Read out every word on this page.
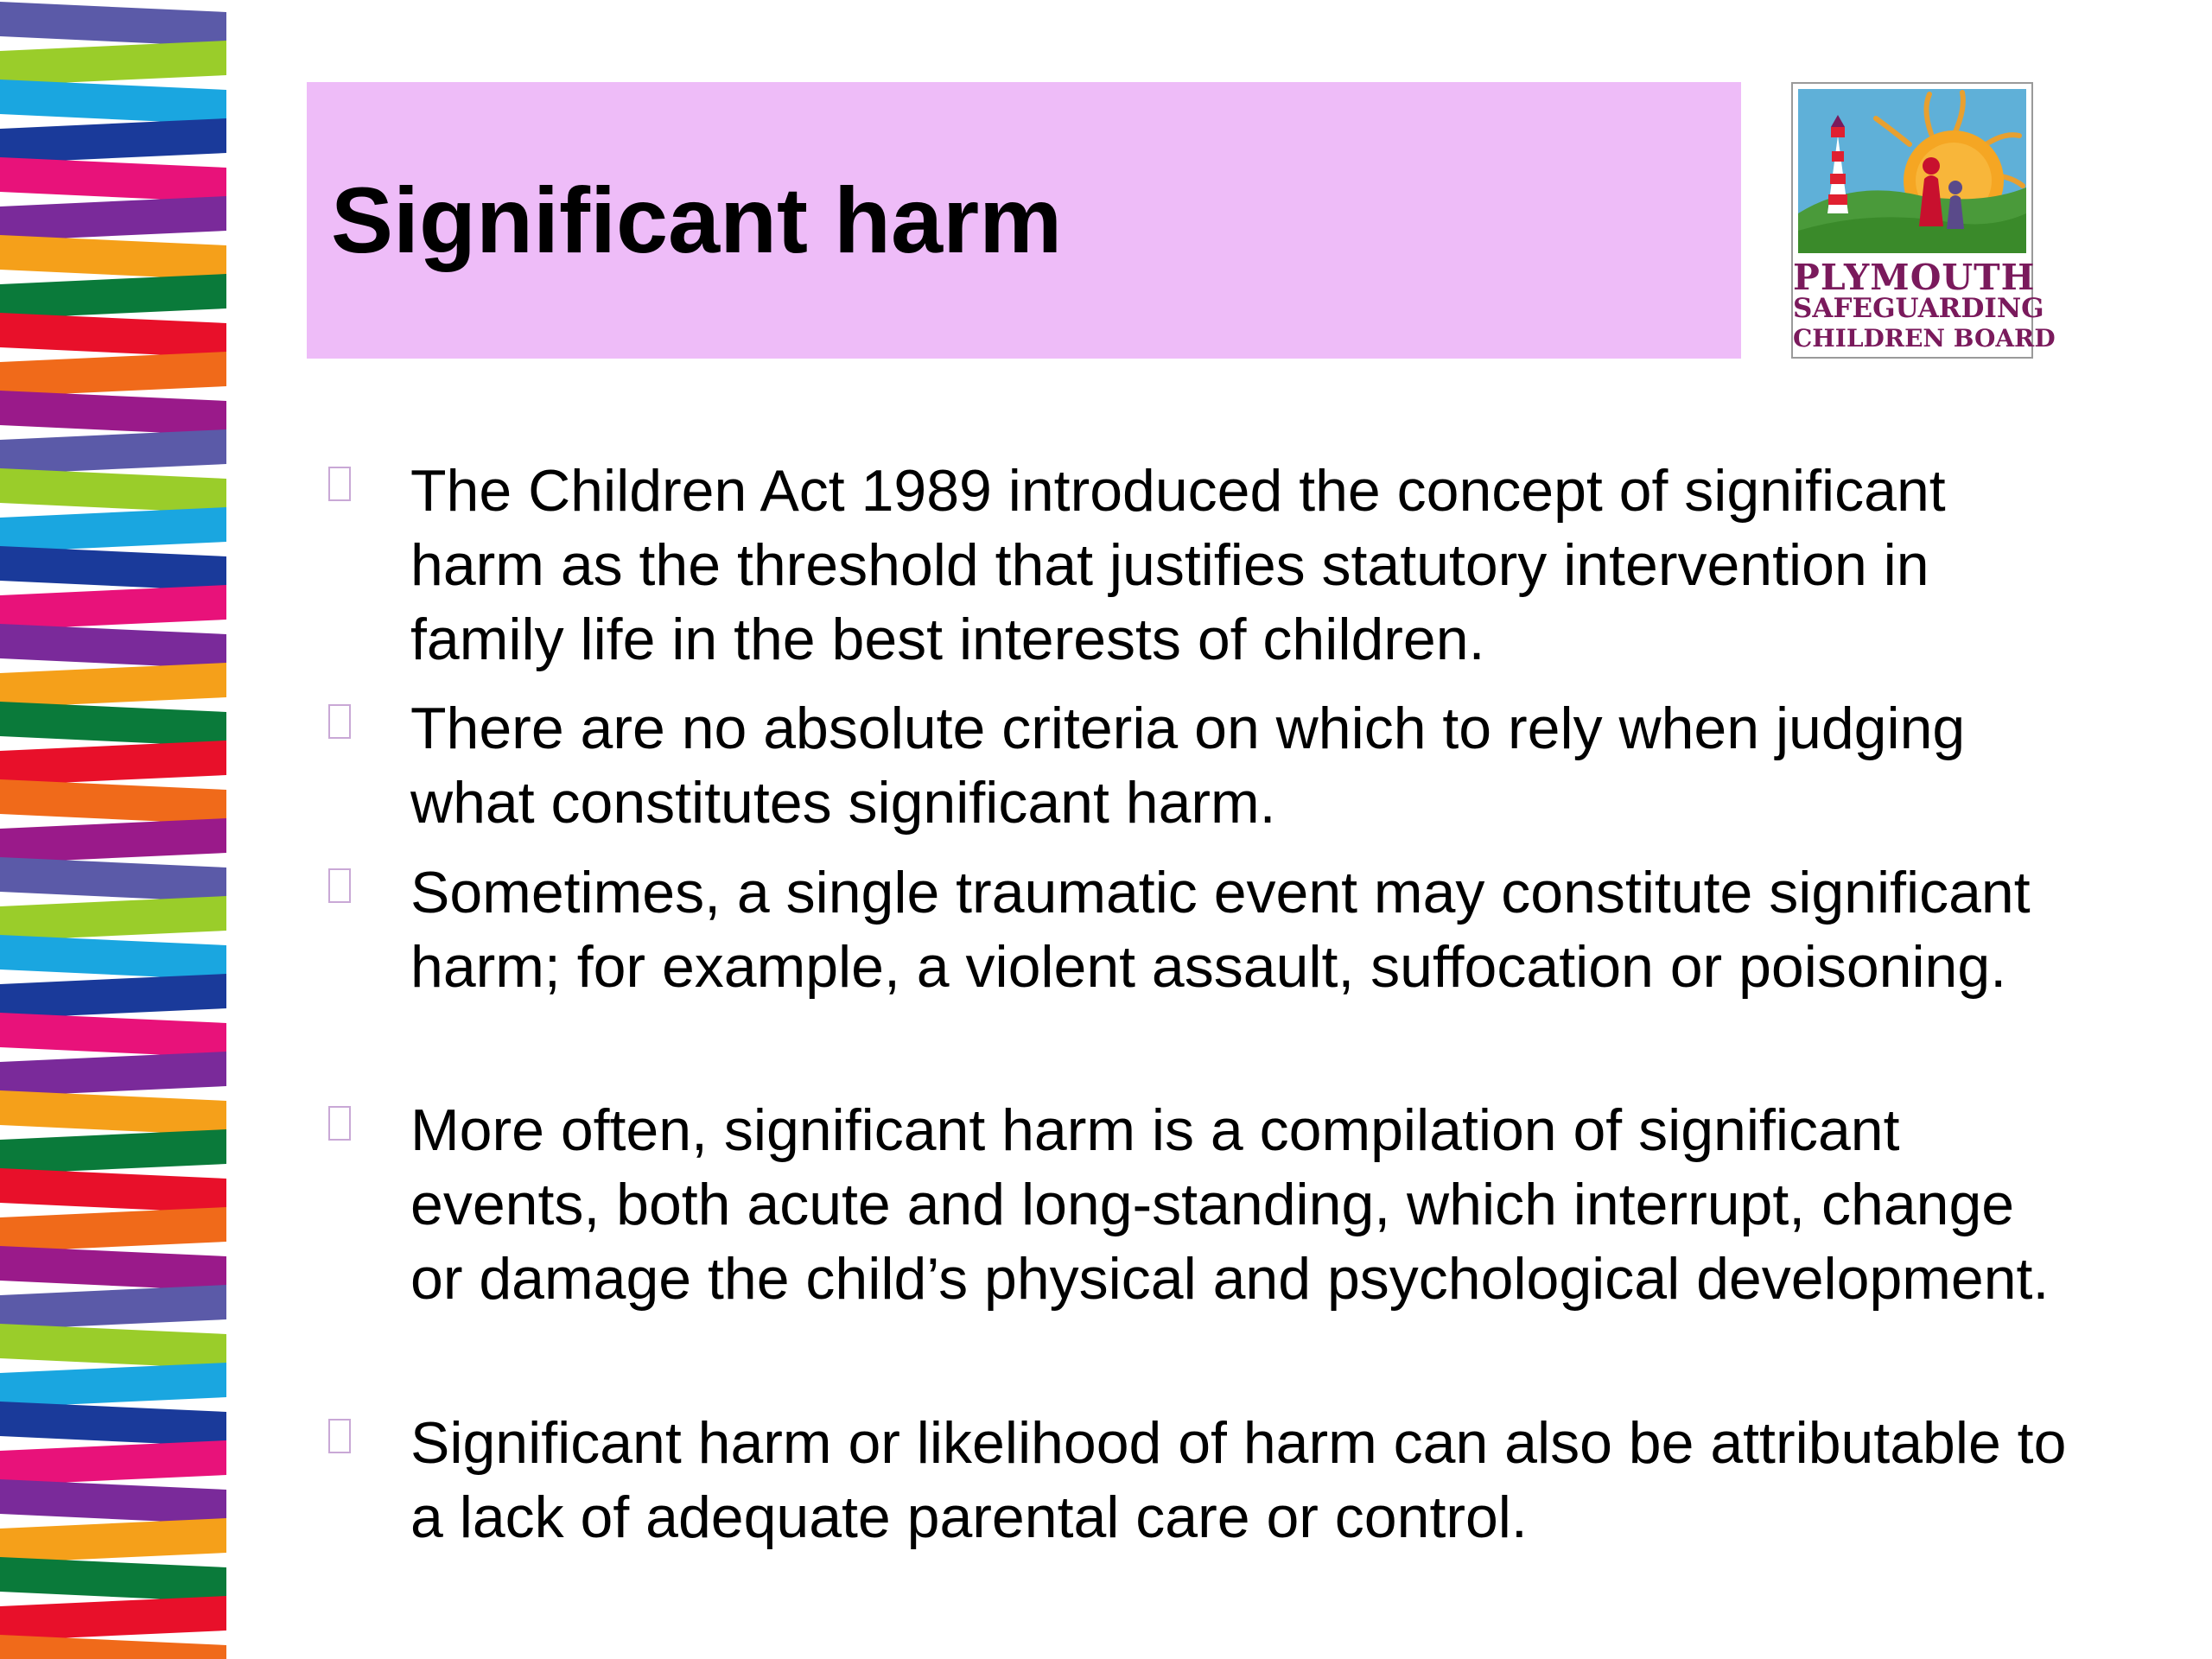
Significant harm
PLYMOUTH
SAFEGUARDING
CHILDREN BOARD
The Children Act 1989 introduced the concept of significant harm as the threshold that justifies statutory intervention in family life in the best interests of children.
There are no absolute criteria on which to rely when judging what constitutes significant harm.
Sometimes, a single traumatic event may constitute significant harm; for example, a violent assault, suffocation or poisoning.
More often, significant harm is a compilation of significant events, both acute and long-standing, which interrupt, change or damage the child’s physical and psychological development.
Significant harm or likelihood of harm can also be attributable to a lack of adequate parental care or control.
